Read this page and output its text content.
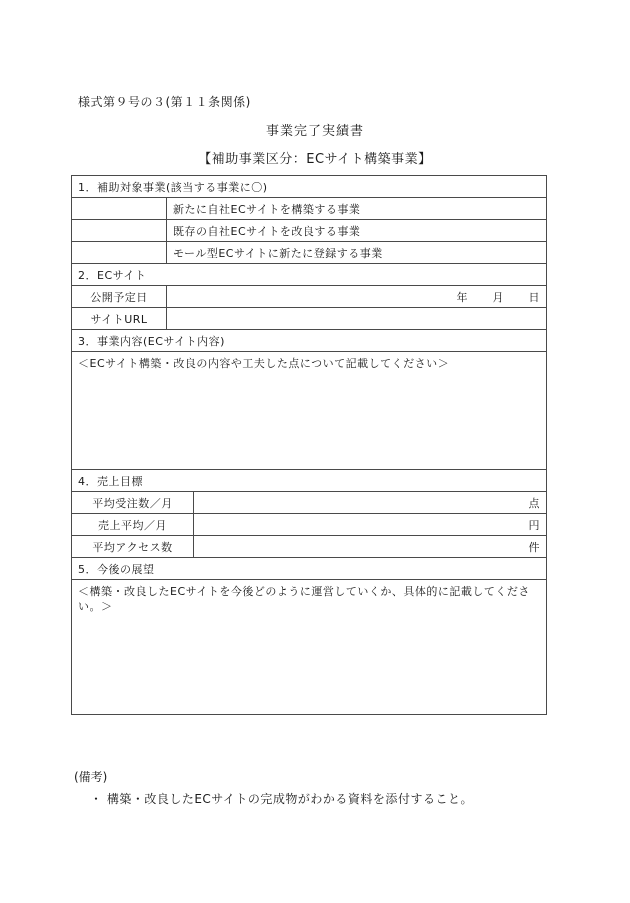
様式第９号の３(第１１条関係)
事業完了実績書
【補助事業区分：ECサイト構築事業】
1．補助対象事業(該当する事業に〇)		
	新たに自社ECサイトを構築する事業	
	既存の自社ECサイトを改良する事業	
	モール型ECサイトに新たに登録する事業	
2．ECサイト		
公開予定日	年 月 日	
サイトURL		
3．事業内容(ECサイト内容)		
＜ECサイト構築・改良の内容や工夫した点について記載してください＞		
4．売上目標		
平均受注数／月		点
売上平均／月		円
平均アクセス数		件
5．今後の展望		
＜構築・改良したECサイトを今後どのように運営していくか、具体的に記載してください。＞		
(備考)
・ 構築・改良したECサイトの完成物がわかる資料を添付すること。
